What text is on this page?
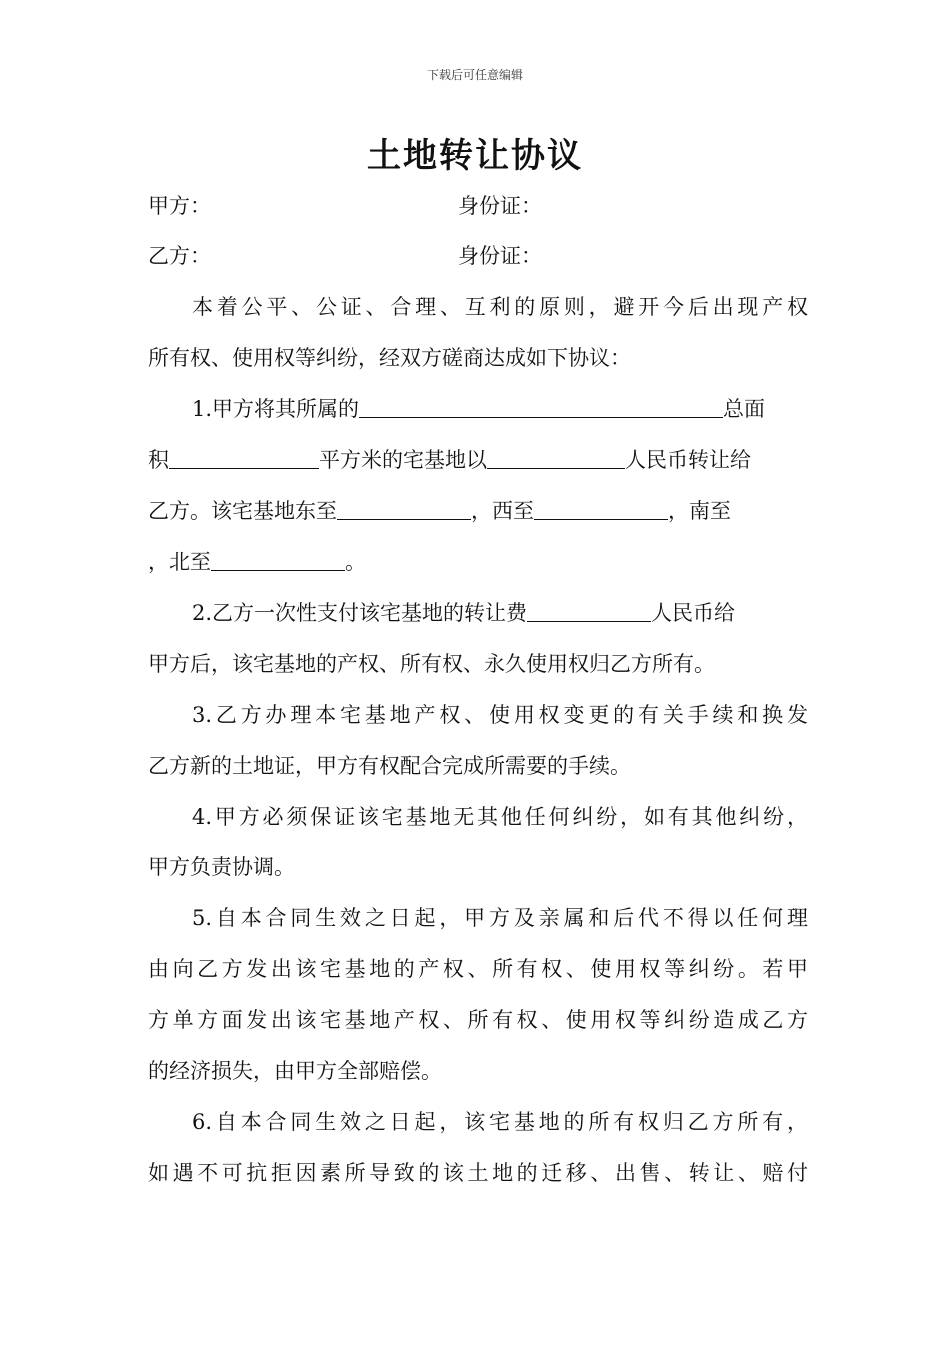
下载后可任意编辑
土地转让协议
甲方：	身份证：
乙方：	身份证：
本着公平、公证、合理、互利的原则，避开今后出现产权
所有权、使用权等纠纷，经双方磋商达成如下协议：
1.甲方将其所属的	总面
积	平方米的宅基地以	人民币转让给
乙方。该宅基地东至	，西至	，南至
，北至	。
2.乙方一次性支付该宅基地的转让费	人民币给
甲方后，该宅基地的产权、所有权、永久使用权归乙方所有。
3.乙方办理本宅基地产权、使用权变更的有关手续和换发
乙方新的土地证，甲方有权配合完成所需要的手续。
4.甲方必须保证该宅基地无其他任何纠纷，如有其他纠纷，
甲方负责协调。
5.自本合同生效之日起，甲方及亲属和后代不得以任何理
由向乙方发出该宅基地的产权、所有权、使用权等纠纷。若甲
方单方面发出该宅基地产权、所有权、使用权等纠纷造成乙方
的经济损失，由甲方全部赔偿。
6.自本合同生效之日起，该宅基地的所有权归乙方所有，
如遇不可抗拒因素所导致的该土地的迁移、出售、转让、赔付
